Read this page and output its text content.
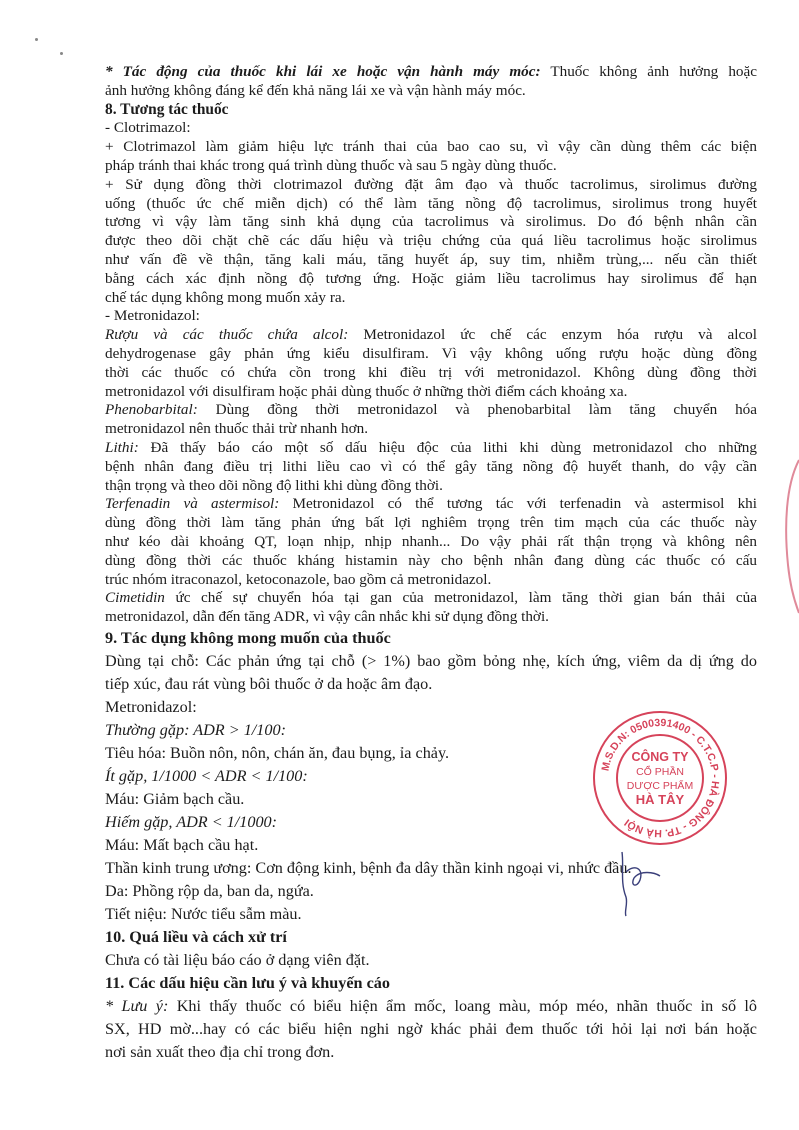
* Tác động của thuốc khi lái xe hoặc vận hành máy móc: Thuốc không ảnh hưởng hoặc
ảnh hưởng không đáng kể đến khả năng lái xe và vận hành máy móc.
8. Tương tác thuốc
- Clotrimazol:
+ Clotrimazol làm giảm hiệu lực tránh thai của bao cao su, vì vậy cần dùng thêm các biện
pháp tránh thai khác trong quá trình dùng thuốc và sau 5 ngày dùng thuốc.
+ Sử dụng đồng thời clotrimazol đường đặt âm đạo và thuốc tacrolimus, sirolimus đường
uống (thuốc ức chế miễn dịch) có thể làm tăng nồng độ tacrolimus, sirolimus trong huyết
tương vì vậy làm tăng sinh khả dụng của tacrolimus và sirolimus. Do đó bệnh nhân cần
được theo dõi chặt chẽ các dấu hiệu và triệu chứng của quá liều tacrolimus hoặc sirolimus
như vấn đề về thận, tăng kali máu, tăng huyết áp, suy tim, nhiễm trùng,... nếu cần thiết
bằng cách xác định nồng độ tương ứng. Hoặc giảm liều tacrolimus hay sirolimus để hạn
chế tác dụng không mong muốn xảy ra.
- Metronidazol:
Rượu và các thuốc chứa alcol: Metronidazol ức chế các enzym hóa rượu và alcol
dehydrogenase gây phản ứng kiểu disulfiram. Vì vậy không uống rượu hoặc dùng đồng
thời các thuốc có chứa cồn trong khi điều trị với metronidazol. Không dùng đồng thời
metronidazol với disulfiram hoặc phải dùng thuốc ở những thời điểm cách khoảng xa.
Phenobarbital: Dùng đồng thời metronidazol và phenobarbital làm tăng chuyển hóa
metronidazol nên thuốc thải trừ nhanh hơn.
Lithi: Đã thấy báo cáo một số dấu hiệu độc của lithi khi dùng metronidazol cho những
bệnh nhân đang điều trị lithi liều cao vì có thể gây tăng nồng độ huyết thanh, do vậy cần
thận trọng và theo dõi nồng độ lithi khi dùng đồng thời.
Terfenadin và astermisol: Metronidazol có thể tương tác với terfenadin và astermisol khi
dùng đồng thời làm tăng phản ứng bất lợi nghiêm trọng trên tim mạch của các thuốc này
như kéo dài khoảng QT, loạn nhịp, nhịp nhanh... Do vậy phải rất thận trọng và không nên
dùng đồng thời các thuốc kháng histamin này cho bệnh nhân đang dùng các thuốc có cấu
trúc nhóm itraconazol, ketoconazole, bao gồm cả metronidazol.
Cimetidin ức chế sự chuyển hóa tại gan của metronidazol, làm tăng thời gian bán thải của
metronidazol, dẫn đến tăng ADR, vì vậy cân nhắc khi sử dụng đồng thời.
9. Tác dụng không mong muốn của thuốc
Dùng tại chỗ: Các phản ứng tại chỗ (> 1%) bao gồm bỏng nhẹ, kích ứng, viêm da dị ứng do
tiếp xúc, đau rát vùng bôi thuốc ở da hoặc âm đạo.
Metronidazol:
Thường gặp: ADR > 1/100:
Tiêu hóa: Buồn nôn, nôn, chán ăn, đau bụng, ỉa chảy.
Ít gặp, 1/1000 < ADR < 1/100:
Máu: Giảm bạch cầu.
Hiếm gặp, ADR < 1/1000:
Máu: Mất bạch cầu hạt.
Thần kinh trung ương: Cơn động kinh, bệnh đa dây thần kinh ngoại vi, nhức đầu.
Da: Phồng rộp da, ban da, ngứa.
Tiết niệu: Nước tiểu sẫm màu.
10. Quá liều và cách xử trí
Chưa có tài liệu báo cáo ở dạng viên đặt.
11. Các dấu hiệu cần lưu ý và khuyến cáo
* Lưu ý: Khi thấy thuốc có biểu hiện ẩm mốc, loang màu, móp méo, nhãn thuốc in số lô
SX, HD mờ...hay có các biểu hiện nghi ngờ khác phải đem thuốc tới hỏi lại nơi bán hoặc
nơi sản xuất theo địa chỉ trong đơn.
M.S.D.N: 0500391400 - C.T.C.P - HÀ ĐÔNG - TP. HÀ NỘI
CÔNG TY
CỔ PHẦN
DƯỢC PHẨM
HÀ TÂY
